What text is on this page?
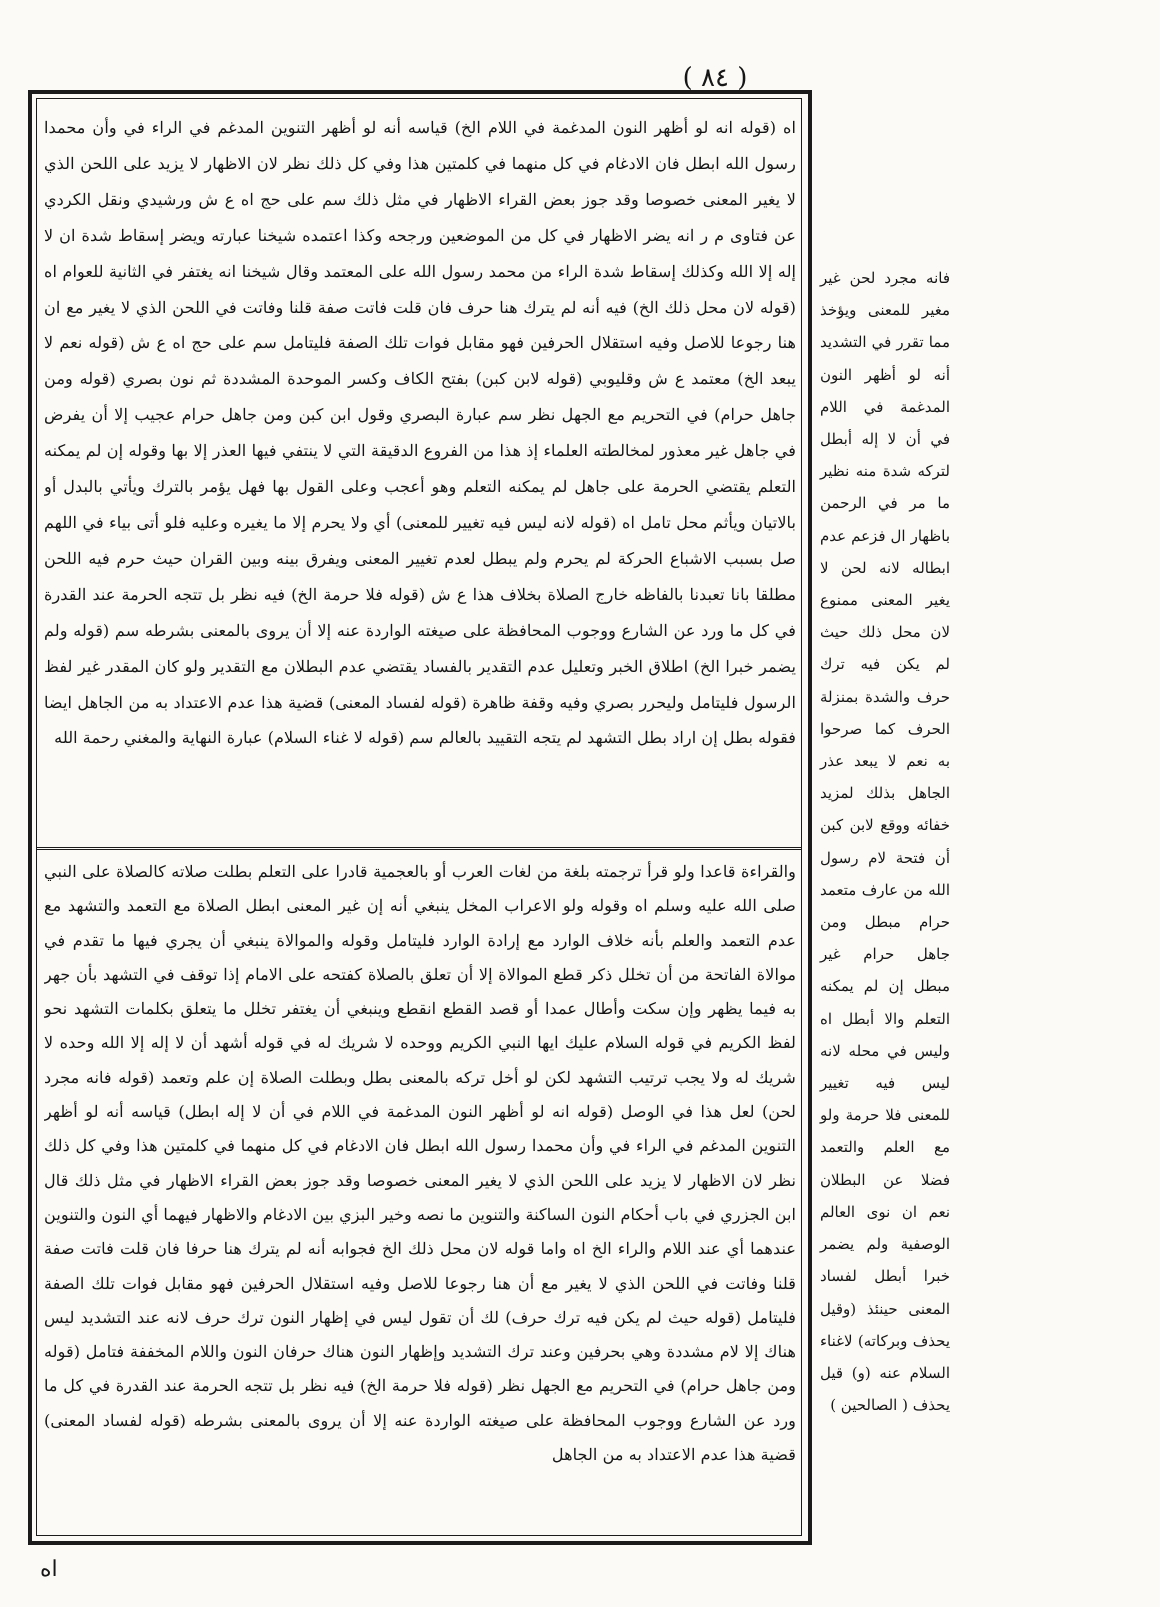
( ٨٤ )

اه (قوله انه لو أظهر النون المدغمة في اللام الخ) قياسه أنه لو أظهر التنوين المدغم في الراء في وأن محمدا رسول الله ابطل فان الادغام في كل منهما في كلمتين هذا وفي كل ذلك نظر لان الاظهار لا يزيد على اللحن الذي لا يغير المعنى خصوصا وقد جوز بعض القراء الاظهار في مثل ذلك سم على حج اه ع ش ورشيدي ونقل الكردي عن فتاوى م ر انه يضر الاظهار في كل من الموضعين ورجحه وكذا اعتمده شيخنا عبارته ويضر إسقاط شدة ان لا إله إلا الله وكذلك إسقاط شدة الراء من محمد رسول الله على المعتمد وقال شيخنا انه يغتفر في الثانية للعوام اه (قوله لان محل ذلك الخ) فيه أنه لم يترك هنا حرف فان قلت فاتت صفة قلنا وفاتت في اللحن الذي لا يغير مع ان هنا رجوعا للاصل وفيه استقلال الحرفين فهو مقابل فوات تلك الصفة فليتامل سم على حج اه ع ش (قوله نعم لا يبعد الخ) معتمد ع ش وقليوبي (قوله لابن كبن) بفتح الكاف وكسر الموحدة المشددة ثم نون بصري (قوله ومن جاهل حرام) في التحريم مع الجهل نظر سم عبارة البصري وقول ابن كبن ومن جاهل حرام عجيب إلا أن يفرض في جاهل غير معذور لمخالطته العلماء إذ هذا من الفروع الدقيقة التي لا ينتفي فيها العذر إلا بها وقوله إن لم يمكنه التعلم يقتضي الحرمة على جاهل لم يمكنه التعلم وهو أعجب وعلى القول بها فهل يؤمر بالترك ويأتي بالبدل أو بالاتيان ويأثم محل تامل اه (قوله لانه ليس فيه تغيير للمعنى) أي ولا يحرم إلا ما يغيره وعليه فلو أتى بياء في اللهم صل بسبب الاشباع الحركة لم يحرم ولم يبطل لعدم تغيير المعنى ويفرق بينه وبين القران حيث حرم فيه اللحن مطلقا بانا تعبدنا بالفاظه خارج الصلاة بخلاف هذا ع ش (قوله فلا حرمة الخ) فيه نظر بل تتجه الحرمة عند القدرة في كل ما ورد عن الشارع ووجوب المحافظة على صيغته الواردة عنه إلا أن يروى بالمعنى بشرطه سم (قوله ولم يضمر خبرا الخ) اطلاق الخبر وتعليل عدم التقدير بالفساد يقتضي عدم البطلان مع التقدير ولو كان المقدر غير لفظ الرسول فليتامل وليحرر بصري وفيه وقفة ظاهرة (قوله لفساد المعنى) قضية هذا عدم الاعتداد به من الجاهل ايضا فقوله بطل إن اراد بطل التشهد لم يتجه التقييد بالعالم سم (قوله لا غناء السلام) عبارة النهاية والمغني رحمة الله

والقراءة قاعدا ولو قرأ ترجمته بلغة من لغات العرب أو بالعجمية قادرا على التعلم بطلت صلاته كالصلاة على النبي صلى الله عليه وسلم اه وقوله ولو الاعراب المخل ينبغي أنه إن غير المعنى ابطل الصلاة مع التعمد والتشهد مع عدم التعمد والعلم بأنه خلاف الوارد مع إرادة الوارد فليتامل وقوله والموالاة ينبغي أن يجري فيها ما تقدم في موالاة الفاتحة من أن تخلل ذكر قطع الموالاة إلا أن تعلق بالصلاة كفتحه على الامام إذا توقف في التشهد بأن جهر به فيما يظهر وإن سكت وأطال عمدا أو قصد القطع انقطع وينبغي أن يغتفر تخلل ما يتعلق بكلمات التشهد نحو لفظ الكريم في قوله السلام عليك ايها النبي الكريم ووحده لا شريك له في قوله أشهد أن لا إله إلا الله وحده لا شريك له ولا يجب ترتيب التشهد لكن لو أخل تركه بالمعنى بطل وبطلت الصلاة إن علم وتعمد (قوله فانه مجرد لحن) لعل هذا في الوصل (قوله انه لو أظهر النون المدغمة في اللام في أن لا إله ابطل) قياسه أنه لو أظهر التنوين المدغم في الراء في وأن محمدا رسول الله ابطل فان الادغام في كل منهما في كلمتين هذا وفي كل ذلك نظر لان الاظهار لا يزيد على اللحن الذي لا يغير المعنى خصوصا وقد جوز بعض القراء الاظهار في مثل ذلك قال ابن الجزري في باب أحكام النون الساكنة والتنوين ما نصه وخير البزي بين الادغام والاظهار فيهما أي النون والتنوين عندهما أي عند اللام والراء الخ اه واما قوله لان محل ذلك الخ فجوابه أنه لم يترك هنا حرفا فان قلت فاتت صفة قلنا وفاتت في اللحن الذي لا يغير مع أن هنا رجوعا للاصل وفيه استقلال الحرفين فهو مقابل فوات تلك الصفة فليتامل (قوله حيث لم يكن فيه ترك حرف) لك أن تقول ليس في إظهار النون ترك حرف لانه عند التشديد ليس هناك إلا لام مشددة وهي بحرفين وعند ترك التشديد وإظهار النون هناك حرفان النون واللام المخففة فتامل (قوله ومن جاهل حرام) في التحريم مع الجهل نظر (قوله فلا حرمة الخ) فيه نظر بل تتجه الحرمة عند القدرة في كل ما ورد عن الشارع ووجوب المحافظة على صيغته الواردة عنه إلا أن يروى بالمعنى بشرطه (قوله لفساد المعنى) قضية هذا عدم الاعتداد به من الجاهل

فانه مجرد لحن غير مغير للمعنى ويؤخذ مما تقرر في التشديد أنه لو أظهر النون المدغمة في اللام في أن لا إله أبطل لتركه شدة منه نظير ما مر في الرحمن باظهار ال فزعم عدم ابطاله لانه لحن لا يغير المعنى ممنوع لان محل ذلك حيث لم يكن فيه ترك حرف والشدة بمنزلة الحرف كما صرحوا به نعم لا يبعد عذر الجاهل بذلك لمزيد خفائه ووقع لابن كبن أن فتحة لام رسول الله من عارف متعمد حرام مبطل ومن جاهل حرام غير مبطل إن لم يمكنه التعلم والا أبطل اه وليس في محله لانه ليس فيه تغيير للمعنى فلا حرمة ولو مع العلم والتعمد فضلا عن البطلان نعم ان نوى العالم الوصفية ولم يضمر خبرا أبطل لفساد المعنى حينئذ (وقيل يحذف وبركاته) لاغناء السلام عنه (و) قيل يحذف ( الصالحين )

اه
